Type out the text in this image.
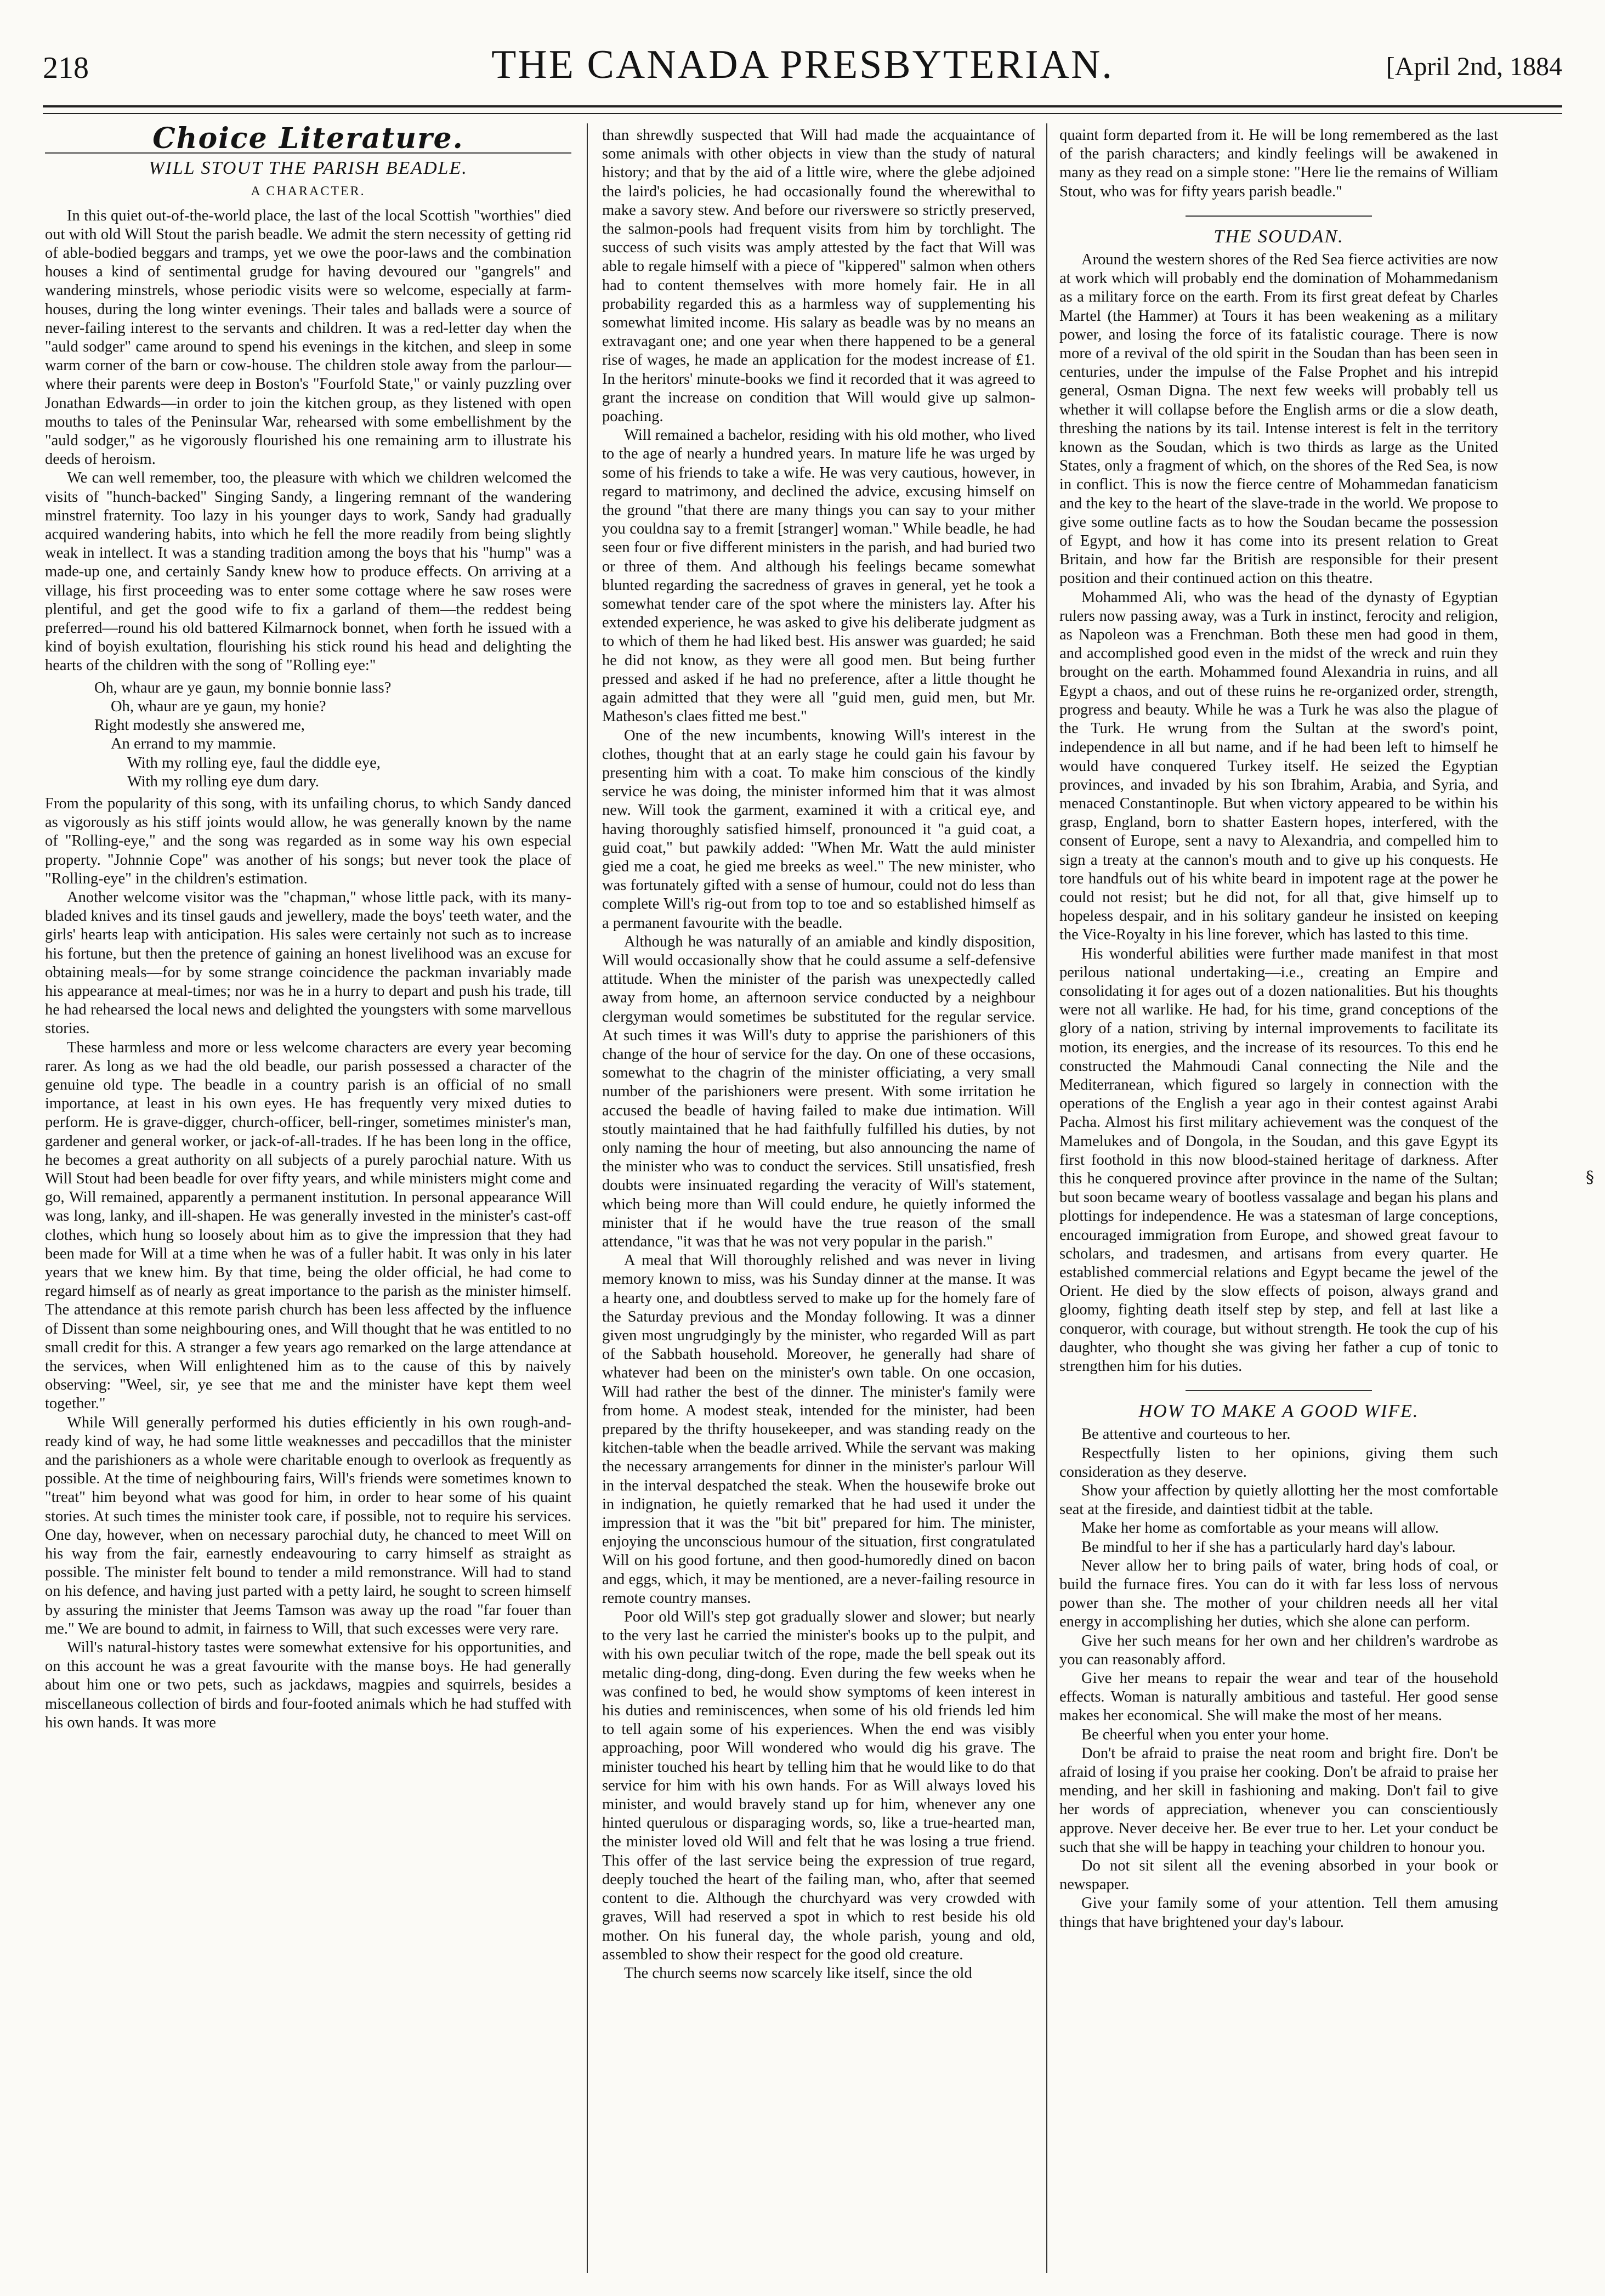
218	THE CANADA PRESBYTERIAN.	[April 2nd, 1884
Choice Literature.
WILL STOUT THE PARISH BEADLE.
A CHARACTER.

In this quiet out-of-the-world place, the last of the local Scottish "worthies" died out with old Will Stout the parish beadle. We admit the stern necessity of getting rid of able-bodied beggars and tramps, yet we owe the poor-laws and the combination houses a kind of sentimental grudge for having devoured our "gangrels" and wandering minstrels, whose periodic visits were so welcome, especially at farm-houses, during the long winter evenings. Their tales and ballads were a source of never-failing interest to the servants and children. It was a red-letter day when the "auld sodger" came around to spend his evenings in the kitchen, and sleep in some warm corner of the barn or cow-house. The children stole away from the parlour—where their parents were deep in Boston's "Fourfold State," or vainly puzzling over Jonathan Edwards—in order to join the kitchen group, as they listened with open mouths to tales of the Peninsular War, rehearsed with some embellishment by the "auld sodger," as he vigorously flourished his one remaining arm to illustrate his deeds of heroism.

We can well remember, too, the pleasure with which we children welcomed the visits of "hunch-backed" Singing Sandy, a lingering remnant of the wandering minstrel fraternity. Too lazy in his younger days to work, Sandy had gradually acquired wandering habits, into which he fell the more readily from being slightly weak in intellect. It was a standing tradition among the boys that his "hump" was a made-up one, and certainly Sandy knew how to produce effects. On arriving at a village, his first proceeding was to enter some cottage where he saw roses were plentiful, and get the good wife to fix a garland of them—the reddest being preferred—round his old battered Kilmarnock bonnet, when forth he issued with a kind of boyish exultation, flourishing his stick round his head and delighting the hearts of the children with the song of "Rolling eye:"

Oh, whaur are ye gaun, my bonnie bonnie lass?
Oh, whaur are ye gaun, my honie?
Right modestly she answered me,
An errand to my mammie.
With my rolling eye, faul the diddle eye,
With my rolling eye dum dary.

From the popularity of this song, with its unfailing chorus, to which Sandy danced as vigorously as his stiff joints would allow, he was generally known by the name of "Rolling-eye," and the song was regarded as in some way his own especial property. "Johnnie Cope" was another of his songs; but never took the place of "Rolling-eye" in the children's estimation.

Another welcome visitor was the "chapman," whose little pack, with its many-bladed knives and its tinsel gauds and jewellery, made the boys' teeth water, and the girls' hearts leap with anticipation. His sales were certainly not such as to increase his fortune, but then the pretence of gaining an honest livelihood was an excuse for obtaining meals—for by some strange coincidence the packman invariably made his appearance at meal-times; nor was he in a hurry to depart and push his trade, till he had rehearsed the local news and delighted the youngsters with some marvellous stories.

These harmless and more or less welcome characters are every year becoming rarer. As long as we had the old beadle, our parish possessed a character of the genuine old type. The beadle in a country parish is an official of no small importance, at least in his own eyes. He has frequently very mixed duties to perform. He is grave-digger, church-officer, bell-ringer, sometimes minister's man, gardener and general worker, or jack-of-all-trades. If he has been long in the office, he becomes a great authority on all subjects of a purely parochial nature. With us Will Stout had been beadle for over fifty years, and while ministers might come and go, Will remained, apparently a permanent institution. In personal appearance Will was long, lanky, and ill-shapen. He was generally invested in the minister's cast-off clothes, which hung so loosely about him as to give the impression that they had been made for Will at a time when he was of a fuller habit. It was only in his later years that we knew him. By that time, being the older official, he had come to regard himself as of nearly as great importance to the parish as the minister himself. The attendance at this remote parish church has been less affected by the influence of Dissent than some neighbouring ones, and Will thought that he was entitled to no small credit for this. A stranger a few years ago remarked on the large attendance at the services, when Will enlightened him as to the cause of this by naively observing: "Weel, sir, ye see that me and the minister have kept them weel together."

While Will generally performed his duties efficiently in his own rough-and-ready kind of way, he had some little weaknesses and peccadillos that the minister and the parishioners as a whole were charitable enough to overlook as frequently as possible. At the time of neighbouring fairs, Will's friends were sometimes known to "treat" him beyond what was good for him, in order to hear some of his quaint stories. At such times the minister took care, if possible, not to require his services. One day, however, when on necessary parochial duty, he chanced to meet Will on his way from the fair, earnestly endeavouring to carry himself as straight as possible. The minister felt bound to tender a mild remonstrance. Will had to stand on his defence, and having just parted with a petty laird, he sought to screen himself by assuring the minister that Jeems Tamson was away up the road "far fouer than me." We are bound to admit, in fairness to Will, that such excesses were very rare.

Will's natural-history tastes were somewhat extensive for his opportunities, and on this account he was a great favourite with the manse boys. He had generally about him one or two pets, such as jackdaws, magpies and squirrels, besides a miscellaneous collection of birds and four-footed animals which he had stuffed with his own hands. It was more

than shrewdly suspected that Will had made the acquaintance of some animals with other objects in view than the study of natural history; and that by the aid of a little wire, where the glebe adjoined the laird's policies, he had occasionally found the wherewithal to make a savory stew. And before our riverswere so strictly preserved, the salmon-pools had frequent visits from him by torchlight. The success of such visits was amply attested by the fact that Will was able to regale himself with a piece of "kippered" salmon when others had to content themselves with more homely fair. He in all probability regarded this as a harmless way of supplementing his somewhat limited income. His salary as beadle was by no means an extravagant one; and one year when there happened to be a general rise of wages, he made an application for the modest increase of £1. In the heritors' minute-books we find it recorded that it was agreed to grant the increase on condition that Will would give up salmon-poaching.

Will remained a bachelor, residing with his old mother, who lived to the age of nearly a hundred years. In mature life he was urged by some of his friends to take a wife. He was very cautious, however, in regard to matrimony, and declined the advice, excusing himself on the ground "that there are many things you can say to your mither you couldna say to a fremit [stranger] woman." While beadle, he had seen four or five different ministers in the parish, and had buried two or three of them. And although his feelings became somewhat blunted regarding the sacredness of graves in general, yet he took a somewhat tender care of the spot where the ministers lay. After his extended experience, he was asked to give his deliberate judgment as to which of them he had liked best. His answer was guarded; he said he did not know, as they were all good men. But being further pressed and asked if he had no preference, after a little thought he again admitted that they were all "guid men, guid men, but Mr. Matheson's claes fitted me best."

One of the new incumbents, knowing Will's interest in the clothes, thought that at an early stage he could gain his favour by presenting him with a coat. To make him conscious of the kindly service he was doing, the minister informed him that it was almost new. Will took the garment, examined it with a critical eye, and having thoroughly satisfied himself, pronounced it "a guid coat, a guid coat," but pawkily added: "When Mr. Watt the auld minister gied me a coat, he gied me breeks as weel." The new minister, who was fortunately gifted with a sense of humour, could not do less than complete Will's rig-out from top to toe and so established himself as a permanent favourite with the beadle.

Although he was naturally of an amiable and kindly disposition, Will would occasionally show that he could assume a self-defensive attitude. When the minister of the parish was unexpectedly called away from home, an afternoon service conducted by a neighbour clergyman would sometimes be substituted for the regular service. At such times it was Will's duty to apprise the parishioners of this change of the hour of service for the day. On one of these occasions, somewhat to the chagrin of the minister officiating, a very small number of the parishioners were present. With some irritation he accused the beadle of having failed to make due intimation. Will stoutly maintained that he had faithfully fulfilled his duties, by not only naming the hour of meeting, but also announcing the name of the minister who was to conduct the services. Still unsatisfied, fresh doubts were insinuated regarding the veracity of Will's statement, which being more than Will could endure, he quietly informed the minister that if he would have the true reason of the small attendance, "it was that he was not very popular in the parish."

A meal that Will thoroughly relished and was never in living memory known to miss, was his Sunday dinner at the manse. It was a hearty one, and doubtless served to make up for the homely fare of the Saturday previous and the Monday following. It was a dinner given most ungrudgingly by the minister, who regarded Will as part of the Sabbath household. Moreover, he generally had share of whatever had been on the minister's own table. On one occasion, Will had rather the best of the dinner. The minister's family were from home. A modest steak, intended for the minister, had been prepared by the thrifty housekeeper, and was standing ready on the kitchen-table when the beadle arrived. While the servant was making the necessary arrangements for dinner in the minister's parlour Will in the interval despatched the steak. When the housewife broke out in indignation, he quietly remarked that he had used it under the impression that it was the "bit bit" prepared for him. The minister, enjoying the unconscious humour of the situation, first congratulated Will on his good fortune, and then good-humoredly dined on bacon and eggs, which, it may be mentioned, are a never-failing resource in remote country manses.

Poor old Will's step got gradually slower and slower; but nearly to the very last he carried the minister's books up to the pulpit, and with his own peculiar twitch of the rope, made the bell speak out its metalic ding-dong, ding-dong. Even during the few weeks when he was confined to bed, he would show symptoms of keen interest in his duties and reminiscences, when some of his old friends led him to tell again some of his experiences. When the end was visibly approaching, poor Will wondered who would dig his grave. The minister touched his heart by telling him that he would like to do that service for him with his own hands. For as Will always loved his minister, and would bravely stand up for him, whenever any one hinted querulous or disparaging words, so, like a true-hearted man, the minister loved old Will and felt that he was losing a true friend. This offer of the last service being the expression of true regard, deeply touched the heart of the failing man, who, after that seemed content to die. Although the churchyard was very crowded with graves, Will had reserved a spot in which to rest beside his old mother. On his funeral day, the whole parish, young and old, assembled to show their respect for the good old creature.

The church seems now scarcely like itself, since the old

quaint form departed from it. He will be long remembered as the last of the parish characters; and kindly feelings will be awakened in many as they read on a simple stone: "Here lie the remains of William Stout, who was for fifty years parish beadle."

THE SOUDAN.

Around the western shores of the Red Sea fierce activities are now at work which will probably end the domination of Mohammedanism as a military force on the earth. From its first great defeat by Charles Martel (the Hammer) at Tours it has been weakening as a military power, and losing the force of its fatalistic courage. There is now more of a revival of the old spirit in the Soudan than has been seen in centuries, under the impulse of the False Prophet and his intrepid general, Osman Digna. The next few weeks will probably tell us whether it will collapse before the English arms or die a slow death, threshing the nations by its tail. Intense interest is felt in the territory known as the Soudan, which is two thirds as large as the United States, only a fragment of which, on the shores of the Red Sea, is now in conflict. This is now the fierce centre of Mohammedan fanaticism and the key to the heart of the slave-trade in the world. We propose to give some outline facts as to how the Soudan became the possession of Egypt, and how it has come into its present relation to Great Britain, and how far the British are responsible for their present position and their continued action on this theatre.

Mohammed Ali, who was the head of the dynasty of Egyptian rulers now passing away, was a Turk in instinct, ferocity and religion, as Napoleon was a Frenchman. Both these men had good in them, and accomplished good even in the midst of the wreck and ruin they brought on the earth. Mohammed found Alexandria in ruins, and all Egypt a chaos, and out of these ruins he re-organized order, strength, progress and beauty. While he was a Turk he was also the plague of the Turk. He wrung from the Sultan at the sword's point, independence in all but name, and if he had been left to himself he would have conquered Turkey itself. He seized the Egyptian provinces, and invaded by his son Ibrahim, Arabia, and Syria, and menaced Constantinople. But when victory appeared to be within his grasp, England, born to shatter Eastern hopes, interfered, with the consent of Europe, sent a navy to Alexandria, and compelled him to sign a treaty at the cannon's mouth and to give up his conquests. He tore handfuls out of his white beard in impotent rage at the power he could not resist; but he did not, for all that, give himself up to hopeless despair, and in his solitary gandeur he insisted on keeping the Vice-Royalty in his line forever, which has lasted to this time.

His wonderful abilities were further made manifest in that most perilous national undertaking—i.e., creating an Empire and consolidating it for ages out of a dozen nationalities. But his thoughts were not all warlike. He had, for his time, grand conceptions of the glory of a nation, striving by internal improvements to facilitate its motion, its energies, and the increase of its resources. To this end he constructed the Mahmoudi Canal connecting the Nile and the Mediterranean, which figured so largely in connection with the operations of the English a year ago in their contest against Arabi Pacha. Almost his first military achievement was the conquest of the Mamelukes and of Dongola, in the Soudan, and this gave Egypt its first foothold in this now blood-stained heritage of darkness. After this he conquered province after province in the name of the Sultan; but soon became weary of bootless vassalage and began his plans and plottings for independence. He was a statesman of large conceptions, encouraged immigration from Europe, and showed great favour to scholars, and tradesmen, and artisans from every quarter. He established commercial relations and Egypt became the jewel of the Orient. He died by the slow effects of poison, always grand and gloomy, fighting death itself step by step, and fell at last like a conqueror, with courage, but without strength. He took the cup of his daughter, who thought she was giving her father a cup of tonic to strengthen him for his duties.

HOW TO MAKE A GOOD WIFE.

Be attentive and courteous to her.

Respectfully listen to her opinions, giving them such consideration as they deserve.

Show your affection by quietly allotting her the most comfortable seat at the fireside, and daintiest tidbit at the table.

Make her home as comfortable as your means will allow.

Be mindful to her if she has a particularly hard day's labour.

Never allow her to bring pails of water, bring hods of coal, or build the furnace fires. You can do it with far less loss of nervous power than she. The mother of your children needs all her vital energy in accomplishing her duties, which she alone can perform.

Give her such means for her own and her children's wardrobe as you can reasonably afford.

Give her means to repair the wear and tear of the household effects. Woman is naturally ambitious and tasteful. Her good sense makes her economical. She will make the most of her means.

Be cheerful when you enter your home.

Don't be afraid to praise the neat room and bright fire. Don't be afraid of losing if you praise her cooking. Don't be afraid to praise her mending, and her skill in fashioning and making. Don't fail to give her words of appreciation, whenever you can conscientiously approve. Never deceive her. Be ever true to her. Let your conduct be such that she will be happy in teaching your children to honour you.

Do not sit silent all the evening absorbed in your book or newspaper.

Give your family some of your attention. Tell them amusing things that have brightened your day's labour.

§
